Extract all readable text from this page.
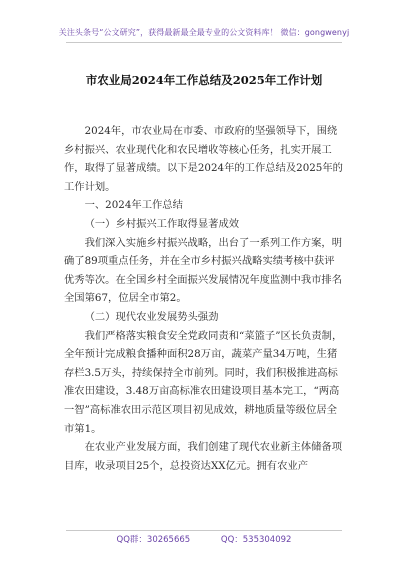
关注头条号“公文研究”，获得最新最全最专业的公文资料库！ 微信：gongwenyj
市农业局2024年工作总结及2025年工作计划

2024年，市农业局在市委、市政府的坚强领导下，围绕乡村振兴、农业现代化和农民增收等核心任务，扎实开展工作，取得了显著成绩。以下是2024年的工作总结及2025年的工作计划。

一、2024年工作总结

（一）乡村振兴工作取得显著成效

我们深入实施乡村振兴战略，出台了一系列工作方案，明确了89项重点任务，并在全市乡村振兴战略实绩考核中获评优秀等次。在全国乡村全面振兴发展情况年度监测中我市排名全国第67，位居全市第2。

（二）现代农业发展势头强劲

我们严格落实粮食安全党政同责和“菜篮子”区长负责制，全年预计完成粮食播种面积28万亩，蔬菜产量34万吨，生猪存栏3.5万头，持续保持全市前列。同时，我们积极推进高标准农田建设，3.48万亩高标准农田建设项目基本完工，“两高一智”高标准农田示范区项目初见成效，耕地质量等级位居全市第1。

在农业产业发展方面，我们创建了现代农业新主体储备项目库，收录项目25个，总投资达XX亿元。拥有农业产

QQ群：30265665	QQ：535304092
